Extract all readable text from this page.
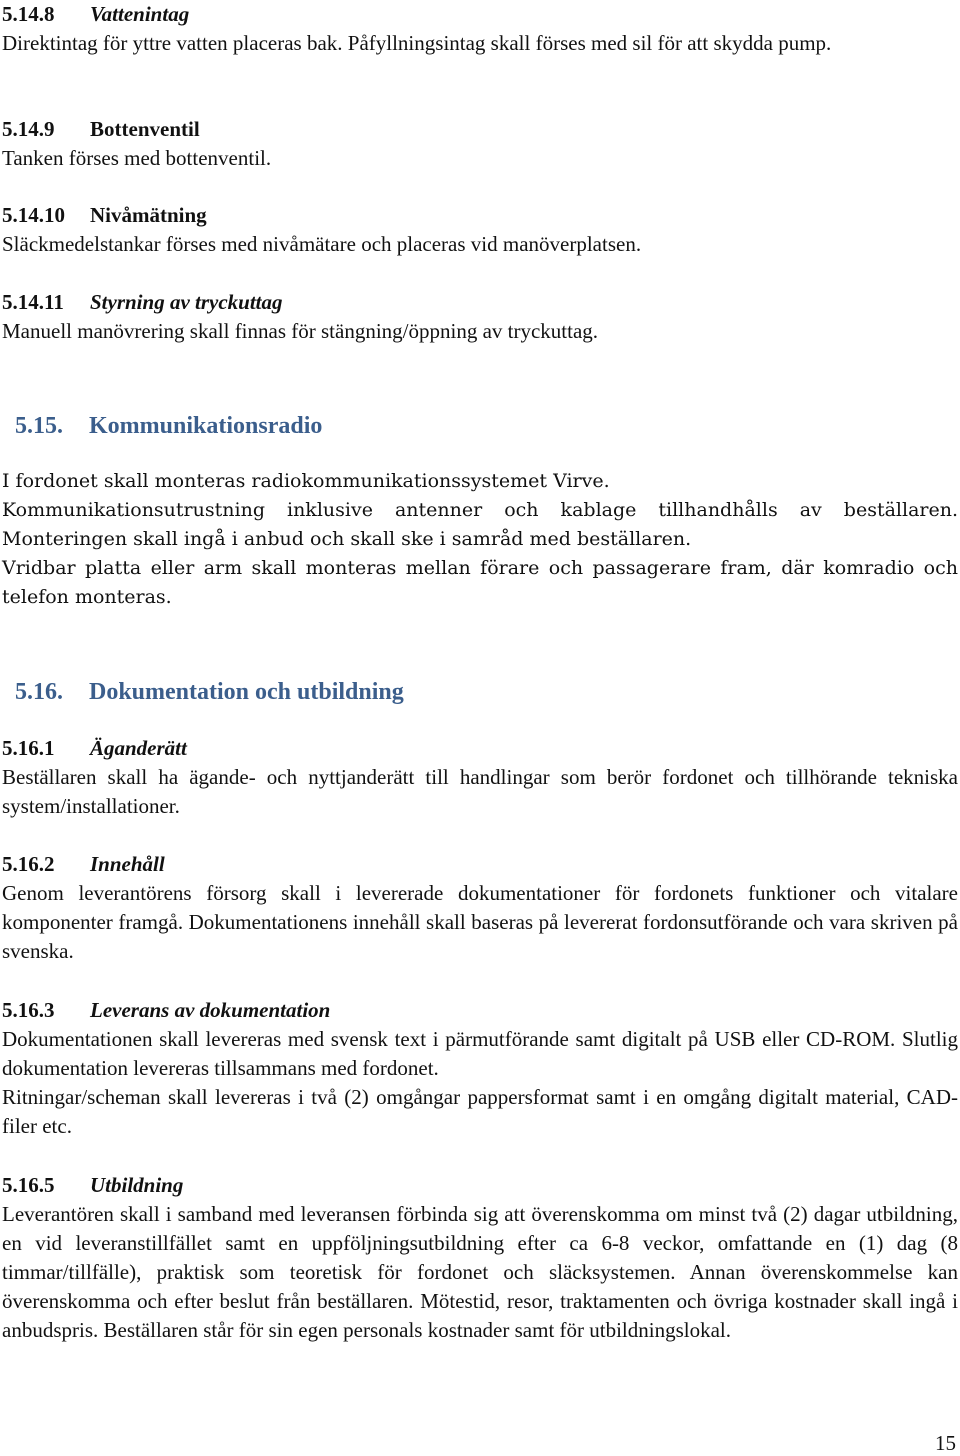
5.14.8 Vattenintag

Direktintag för yttre vatten placeras bak. Påfyllningsintag skall förses med sil för att skydda pump.

5.14.9 Bottenventil

Tanken förses med bottenventil.

5.14.10 Nivåmätning

Släckmedelstankar förses med nivåmätare och placeras vid manöverplatsen.

5.14.11 Styrning av tryckuttag

Manuell manövrering skall finnas för stängning/öppning av tryckuttag.

5.15. Kommunikationsradio

I fordonet skall monteras radiokommunikationssystemet Virve.

Kommunikationsutrustning inklusive antenner och kablage tillhandhålls av beställaren. Monteringen skall ingå i anbud och skall ske i samråd med beställaren.

Vridbar platta eller arm skall monteras mellan förare och passagerare fram, där komradio och telefon monteras.

5.16. Dokumentation och utbildning
5.16.1 Äganderätt

Beställaren skall ha ägande- och nyttjanderätt till handlingar som berör fordonet och tillhörande tekniska system/installationer.

5.16.2 Innehåll

Genom leverantörens försorg skall i levererade dokumentationer för fordonets funktioner och vitalare komponenter framgå. Dokumentationens innehåll skall baseras på levererat fordonsutförande och vara skriven på svenska.

5.16.3 Leverans av dokumentation

Dokumentationen skall levereras med svensk text i pärmutförande samt digitalt på USB eller CD-ROM. Slutlig dokumentation levereras tillsammans med fordonet.

Ritningar/scheman skall levereras i två (2) omgångar pappersformat samt i en omgång digitalt material, CAD-filer etc.

5.16.5 Utbildning

Leverantören skall i samband med leveransen förbinda sig att överenskomma om minst två (2) dagar utbildning, en vid leveranstillfället samt en uppföljningsutbildning efter ca 6-8 veckor, omfattande en (1) dag (8 timmar/tillfälle), praktisk som teoretisk för fordonet och släcksystemen. Annan överenskommelse kan överenskomma och efter beslut från beställaren. Mötestid, resor, traktamenten och övriga kostnader skall ingå i anbudspris. Beställaren står för sin egen personals kostnader samt för utbildningslokal.

15
